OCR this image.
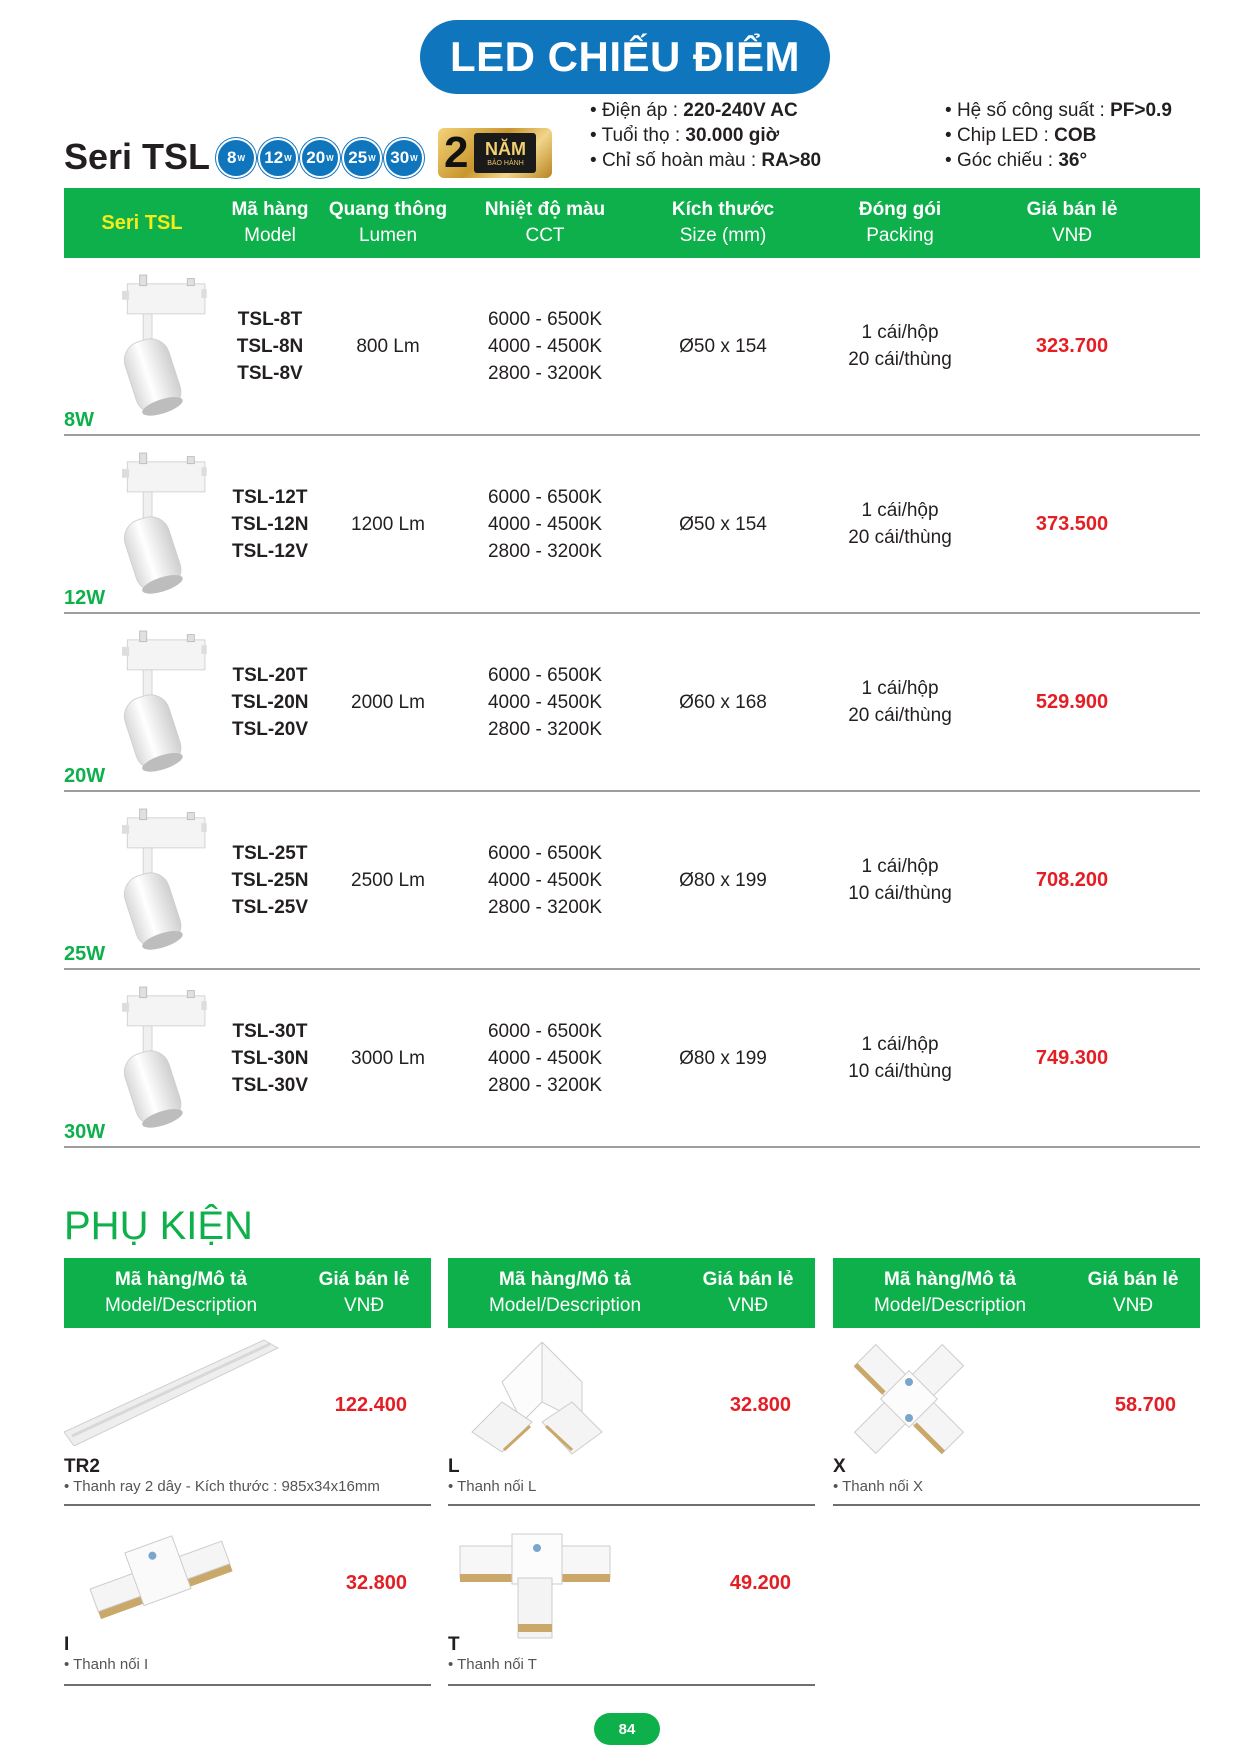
LED CHIẾU ĐIỂM
Seri TSL 8 W 12 W 20 W 25 W 30 W 2 NĂM
BẢO HÀNH
• Điện áp : 220-240V AC
• Tuổi thọ : 30.000 giờ
• Chỉ số hoàn màu : RA>80
• Hệ số công suất : PF>0.9
• Chip LED : COB
• Góc chiếu : 36°
Seri TSL
Mã hàng
Model
Quang thông
Lumen
Nhiệt độ màu
CCT
Kích thước
Size (mm)
Đóng gói
Packing
Giá bán lẻ
VNĐ
8W
TSL-8T
TSL-8N
TSL-8V
800 Lm
6000 - 6500K
4000 - 4500K
2800 - 3200K
Ø50 x 154
1 cái/hộp
20 cái/thùng
323.700
12W
TSL-12T
TSL-12N
TSL-12V
1200 Lm
6000 - 6500K
4000 - 4500K
2800 - 3200K
Ø50 x 154
1 cái/hộp
20 cái/thùng
373.500
20W
TSL-20T
TSL-20N
TSL-20V
2000 Lm
6000 - 6500K
4000 - 4500K
2800 - 3200K
Ø60 x 168
1 cái/hộp
20 cái/thùng
529.900
25W
TSL-25T
TSL-25N
TSL-25V
2500 Lm
6000 - 6500K
4000 - 4500K
2800 - 3200K
Ø80 x 199
1 cái/hộp
10 cái/thùng
708.200
30W
TSL-30T
TSL-30N
TSL-30V
3000 Lm
6000 - 6500K
4000 - 4500K
2800 - 3200K
Ø80 x 199
1 cái/hộp
10 cái/thùng
749.300
PHỤ KIỆN
Mã hàng/Mô tả
Model/Description
Giá bán lẻ
VNĐ
122.400
TR2
• Thanh ray 2 dây - Kích thước : 985x34x16mm
32.800
I
• Thanh nối I
Mã hàng/Mô tả
Model/Description
Giá bán lẻ
VNĐ
32.800
L
• Thanh nối L
49.200
T
• Thanh nối T
Mã hàng/Mô tả
Model/Description
Giá bán lẻ
VNĐ
58.700
X
• Thanh nối X
84
